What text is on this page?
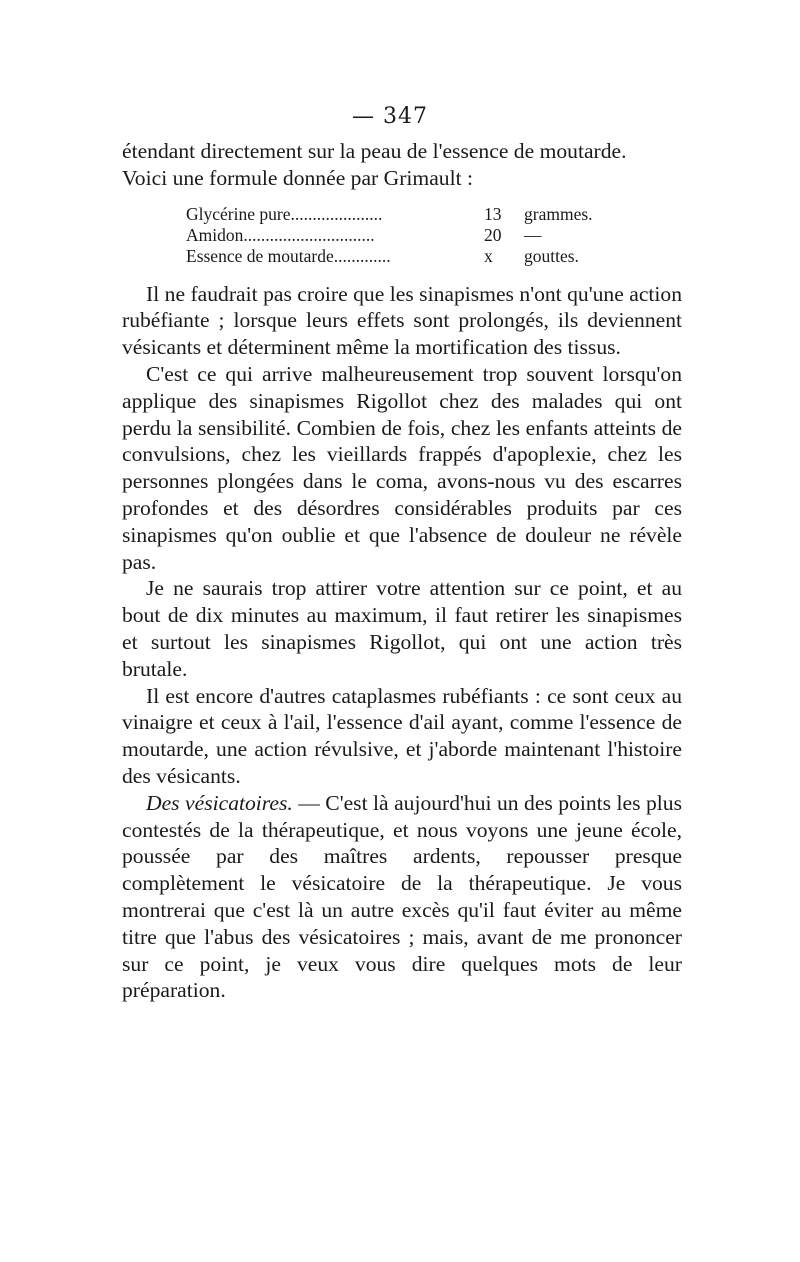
— 347

étendant directement sur la peau de l'essence de moutarde.

Voici une formule donnée par Grimault :

Glycérine pure.....................	13	grammes.
Amidon..............................	20	—
Essence de moutarde.............	x	gouttes.

Il ne faudrait pas croire que les sinapismes n'ont qu'une action rubéfiante ; lorsque leurs effets sont prolongés, ils deviennent vésicants et déterminent même la mortification des tissus.

C'est ce qui arrive malheureusement trop souvent lorsqu'on applique des sinapismes Rigollot chez des malades qui ont perdu la sensibilité. Combien de fois, chez les enfants atteints de convulsions, chez les vieillards frappés d'apoplexie, chez les personnes plongées dans le coma, avons-nous vu des escarres profondes et des désordres considérables produits par ces sinapismes qu'on oublie et que l'absence de douleur ne révèle pas.

Je ne saurais trop attirer votre attention sur ce point, et au bout de dix minutes au maximum, il faut retirer les sinapismes et surtout les sinapismes Rigollot, qui ont une action très brutale.

Il est encore d'autres cataplasmes rubéfiants : ce sont ceux au vinaigre et ceux à l'ail, l'essence d'ail ayant, comme l'essence de moutarde, une action révulsive, et j'aborde maintenant l'histoire des vésicants.

Des vésicatoires. — C'est là aujourd'hui un des points les plus contestés de la thérapeutique, et nous voyons une jeune école, poussée par des maîtres ardents, repousser presque complètement le vésicatoire de la thérapeutique. Je vous montrerai que c'est là un autre excès qu'il faut éviter au même titre que l'abus des vésicatoires ; mais, avant de me prononcer sur ce point, je veux vous dire quelques mots de leur préparation.
